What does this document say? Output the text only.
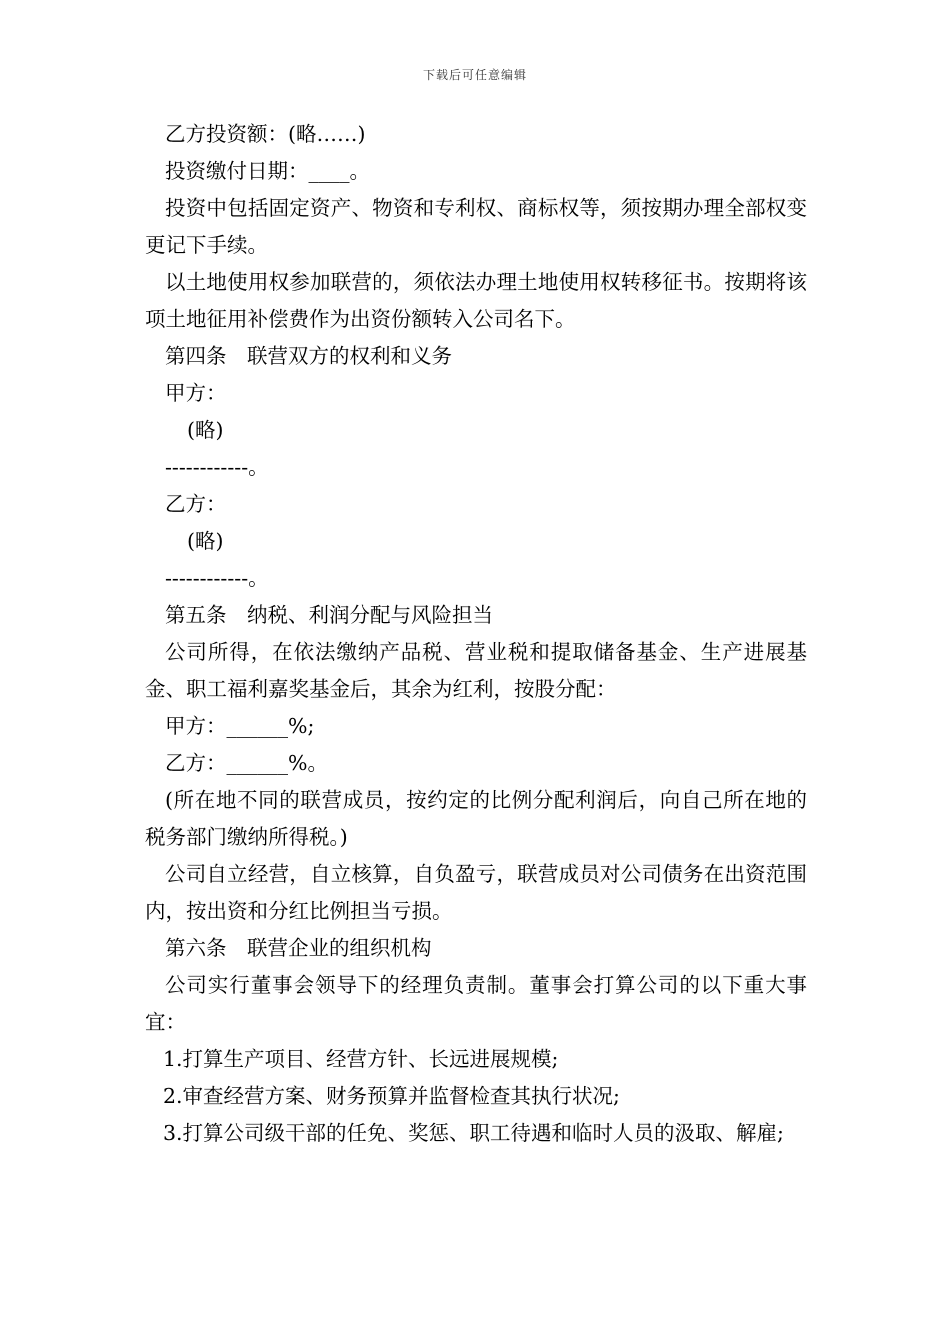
下载后可任意编辑

乙方投资额：(略……)

投资缴付日期：____。

投资中包括固定资产、物资和专利权、商标权等，须按期办理全部权变更记下手续。

以土地使用权参加联营的，须依法办理土地使用权转移征书。按期将该项土地征用补偿费作为出资份额转入公司名下。

第四条　联营双方的权利和义务

甲方：

(略)

------------。

乙方：

(略)

------------。

第五条　纳税、利润分配与风险担当

公司所得，在依法缴纳产品税、营业税和提取储备基金、生产进展基金、职工福利嘉奖基金后，其余为红利，按股分配：

甲方：______%;

乙方：______%。

(所在地不同的联营成员，按约定的比例分配利润后，向自己所在地的税务部门缴纳所得税。)

公司自立经营，自立核算，自负盈亏，联营成员对公司债务在出资范围内，按出资和分红比例担当亏损。

第六条　联营企业的组织机构

公司实行董事会领导下的经理负责制。董事会打算公司的以下重大事宜：

1.打算生产项目、经营方针、长远进展规模;

2.审查经营方案、财务预算并监督检查其执行状况;

3.打算公司级干部的任免、奖惩、职工待遇和临时人员的汲取、解雇;
